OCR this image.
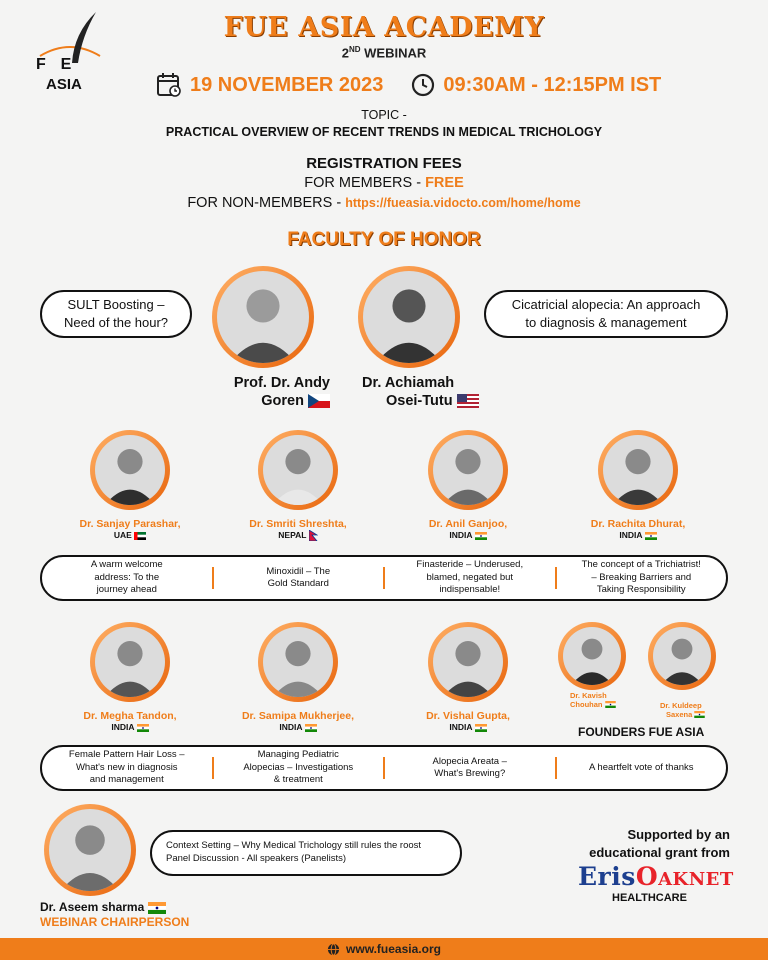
F  E
ASIA
FUE ASIA ACADEMY
2ND WEBINAR
19 NOVEMBER 2023	09:30AM - 12:15PM IST
TOPIC -
PRACTICAL OVERVIEW OF RECENT TRENDS IN MEDICAL TRICHOLOGY
REGISTRATION FEES
FOR MEMBERS - FREE
FOR NON-MEMBERS - https://fueasia.vidocto.com/home/home
FACULTY OF HONOR
SULT Boosting –
Need of the hour?
Cicatricial alopecia: An approach
to diagnosis & management
Prof. Dr. Andy
Goren
Dr. Achiamah
Osei-Tutu
Dr. Sanjay Parashar,
UAE
Dr. Smriti Shreshta,
NEPAL
Dr. Anil Ganjoo,
INDIA
Dr. Rachita Dhurat,
INDIA
A warm welcome
address: To the
journey ahead
Minoxidil – The
Gold Standard
Finasteride – Underused,
blamed, negated but
indispensable!
The concept of a Trichiatrist!
– Breaking Barriers and
Taking Responsibility
Dr. Megha Tandon,
INDIA
Dr. Samipa Mukherjee,
INDIA
Dr. Vishal Gupta,
INDIA
Dr. Kavish
Chouhan	Dr. Kuldeep
Saxena
FOUNDERS FUE ASIA
Female Pattern Hair Loss –
What's new in diagnosis
and management
Managing Pediatric
Alopecias – Investigations
& treatment
Alopecia Areata –
What's Brewing?
A heartfelt vote of thanks
Dr. Aseem sharma
WEBINAR CHAIRPERSON
Context Setting – Why Medical Trichology still rules the roost
Panel Discussion - All speakers (Panelists)
Supported by an
educational grant from
ErisOaknet
HEALTHCARE
www.fueasia.org
